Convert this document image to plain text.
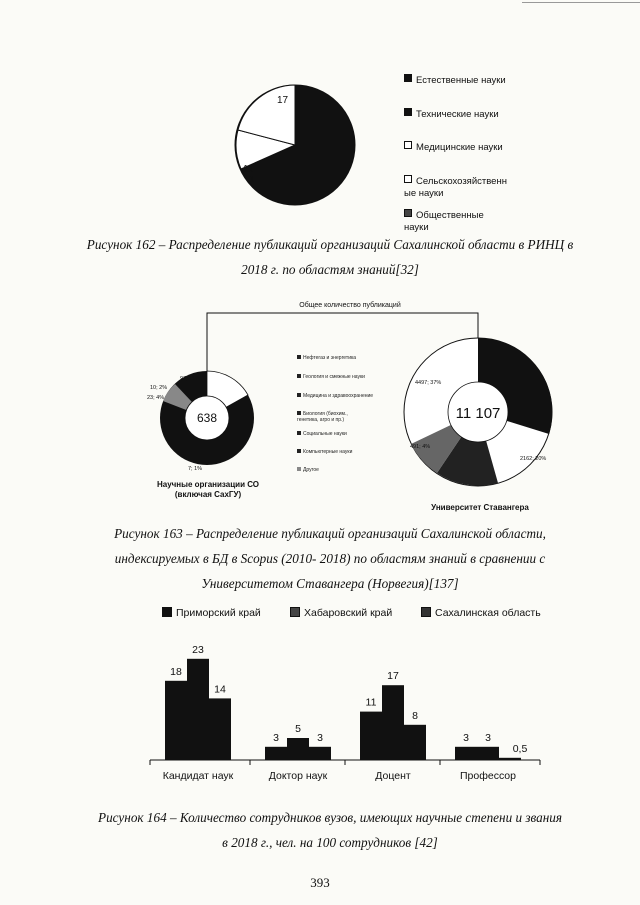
17
11
1
Естественные науки
Технические науки
Медицинские науки
Сельскохозяйственн ые науки
Общественные науки
Рисунок 162 – Распределение публикаций организаций Сахалинской области в РИНЦ в
2018 г. по областям знаний[32]
638
97; 15%
10; 2%
23; 4%
7; 1%
11 107
4497; 37%
2162; 20%
491; 4%
Общее количество публикаций
Нефтегаз и энергетика
Геология и смежные науки
Медицина и здравоохранение
Биология (биохим., генетика, агро и пр.)
Социальные науки
Компьютерные науки
Другое
Научные организации СО (включая СахГУ)
Университет Ставангера
Рисунок 163 – Распределение публикаций организаций Сахалинской области,
индексируемых в БД в Scopus (2010- 2018) по областям знаний в сравнении с
Университетом Ставангера (Норвегия)[137]
Приморский край	Хабаровский край	Сахалинская область
18
23
14
Кандидат наук
3
5
3
Доктор наук
11
17
8
Доцент
3 3
0,5
Профессор
Рисунок 164 – Количество сотрудников вузов, имеющих научные степени и звания
в 2018 г., чел. на 100 сотрудников [42]
393
